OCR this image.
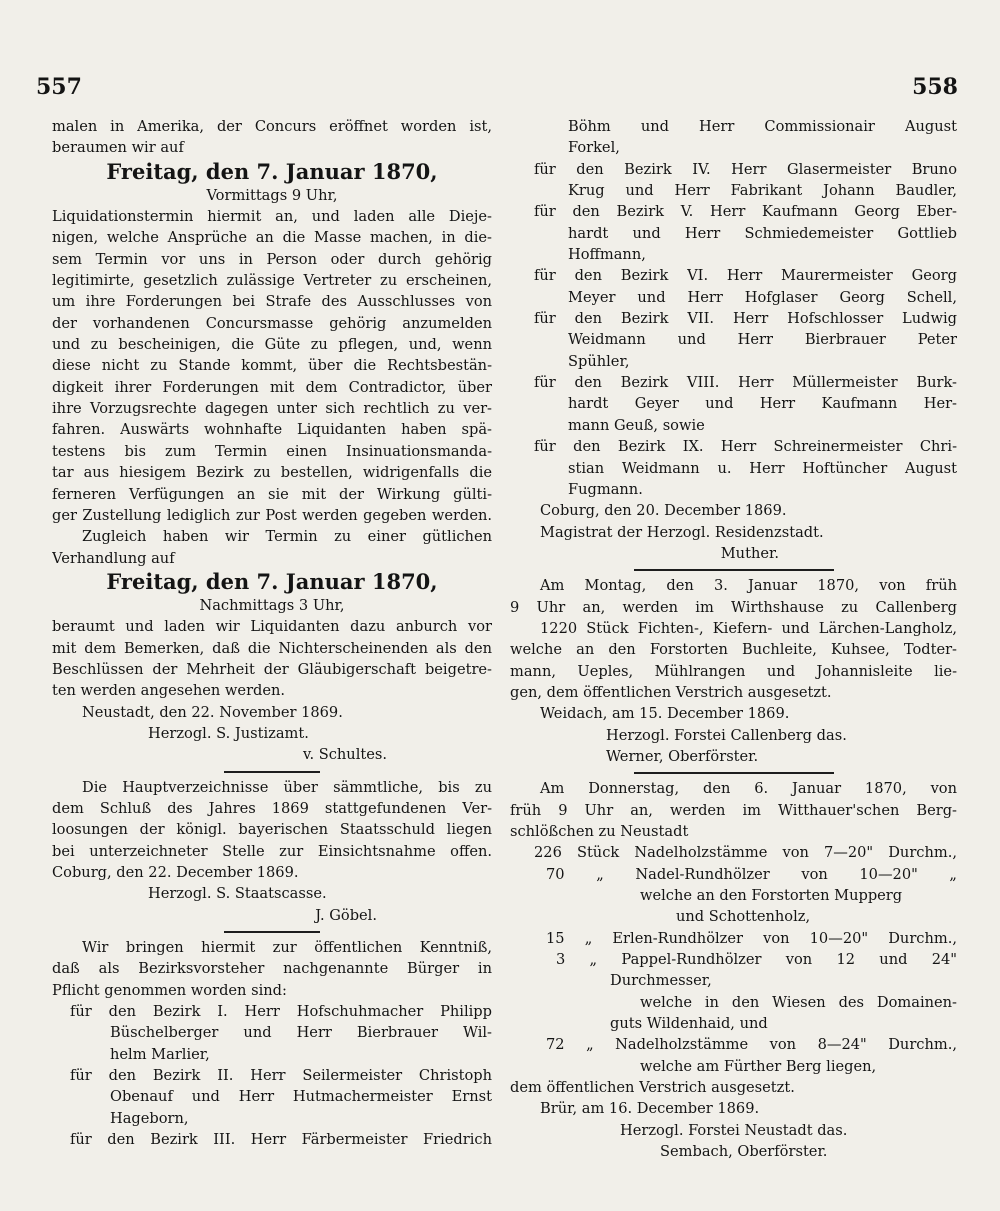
557	558
malen in Amerika, der Concurs eröffnet worden ist,
beraumen wir auf
Freitag, den 7. Januar 1870,
Vormittags 9 Uhr,
Liquidationstermin hiermit an, und laden alle Dieje-
nigen, welche Ansprüche an die Masse machen, in die-
sem Termin vor uns in Person oder durch gehörig
legitimirte, gesetzlich zulässige Vertreter zu erscheinen,
um ihre Forderungen bei Strafe des Ausschlusses von
der vorhandenen Concursmasse gehörig anzumelden
und zu bescheinigen, die Güte zu pflegen, und, wenn
diese nicht zu Stande kommt, über die Rechtsbestän-
digkeit ihrer Forderungen mit dem Contradictor, über
ihre Vorzugsrechte dagegen unter sich rechtlich zu ver-
fahren. Auswärts wohnhafte Liquidanten haben spä-
testens bis zum Termin einen Insinuationsmanda-
tar aus hiesigem Bezirk zu bestellen, widrigenfalls die
ferneren Verfügungen an sie mit der Wirkung gülti-
ger Zustellung lediglich zur Post werden gegeben werden.
Zugleich haben wir Termin zu einer gütlichen
Verhandlung auf
Freitag, den 7. Januar 1870,
Nachmittags 3 Uhr,
beraumt und laden wir Liquidanten dazu anburch vor
mit dem Bemerken, daß die Nichterscheinenden als den
Beschlüssen der Mehrheit der Gläubigerschaft beigetre-
ten werden angesehen werden.
Neustadt, den 22. November 1869.
Herzogl. S. Justizamt.
v. Schultes.
Die Hauptverzeichnisse über sämmtliche, bis zu
dem Schluß des Jahres 1869 stattgefundenen Ver-
loosungen der königl. bayerischen Staatsschuld liegen
bei unterzeichneter Stelle zur Einsichtsnahme offen.
Coburg, den 22. December 1869.
Herzogl. S. Staatscasse.
J. Göbel.
Wir bringen hiermit zur öffentlichen Kenntniß,
daß als Bezirksvorsteher nachgenannte Bürger in
Pflicht genommen worden sind:
für den Bezirk I. Herr Hofschuhmacher Philipp
Büschelberger und Herr Bierbrauer Wil-
helm Marlier,
für den Bezirk II. Herr Seilermeister Christoph
Obenauf und Herr Hutmachermeister Ernst
Hageborn,
für den Bezirk III. Herr Färbermeister Friedrich
Böhm und Herr Commissionair August
Forkel,
für den Bezirk IV. Herr Glasermeister Bruno
Krug und Herr Fabrikant Johann Baudler,
für den Bezirk V. Herr Kaufmann Georg Eber-
hardt und Herr Schmiedemeister Gottlieb
Hoffmann,
für den Bezirk VI. Herr Maurermeister Georg
Meyer und Herr Hofglaser Georg Schell,
für den Bezirk VII. Herr Hofschlosser Ludwig
Weidmann und Herr Bierbrauer Peter
Spühler,
für den Bezirk VIII. Herr Müllermeister Burk-
hardt Geyer und Herr Kaufmann Her-
mann Geuß, sowie
für den Bezirk IX. Herr Schreinermeister Chri-
stian Weidmann u. Herr Hoftüncher August
Fugmann.
Coburg, den 20. December 1869.
Magistrat der Herzogl. Residenzstadt.
Muther.
Am Montag, den 3. Januar 1870, von früh
9 Uhr an, werden im Wirthshause zu Callenberg
1220 Stück Fichten-, Kiefern- und Lärchen-Langholz,
welche an den Forstorten Buchleite, Kuhsee, Todter-
mann, Ueples, Mühlrangen und Johannisleite lie-
gen, dem öffentlichen Verstrich ausgesetzt.
Weidach, am 15. December 1869.
Herzogl. Forstei Callenberg das.
Werner, Oberförster.
Am Donnerstag, den 6. Januar 1870, von
früh 9 Uhr an, werden im Witthauer'schen Berg-
schlößchen zu Neustadt
226 Stück Nadelholzstämme von 7—20" Durchm.,
70 „ Nadel-Rundhölzer von 10—20" „
welche an den Forstorten Mupperg
und Schottenholz,
15 „ Erlen-Rundhölzer von 10—20" Durchm.,
3 „ Pappel-Rundhölzer von 12 und 24"
Durchmesser,
welche in den Wiesen des Domainen-
guts Wildenhaid, und
72 „ Nadelholzstämme von 8—24" Durchm.,
welche am Fürther Berg liegen,
dem öffentlichen Verstrich ausgesetzt.
Brür, am 16. December 1869.
Herzogl. Forstei Neustadt das.
Sembach, Oberförster.
